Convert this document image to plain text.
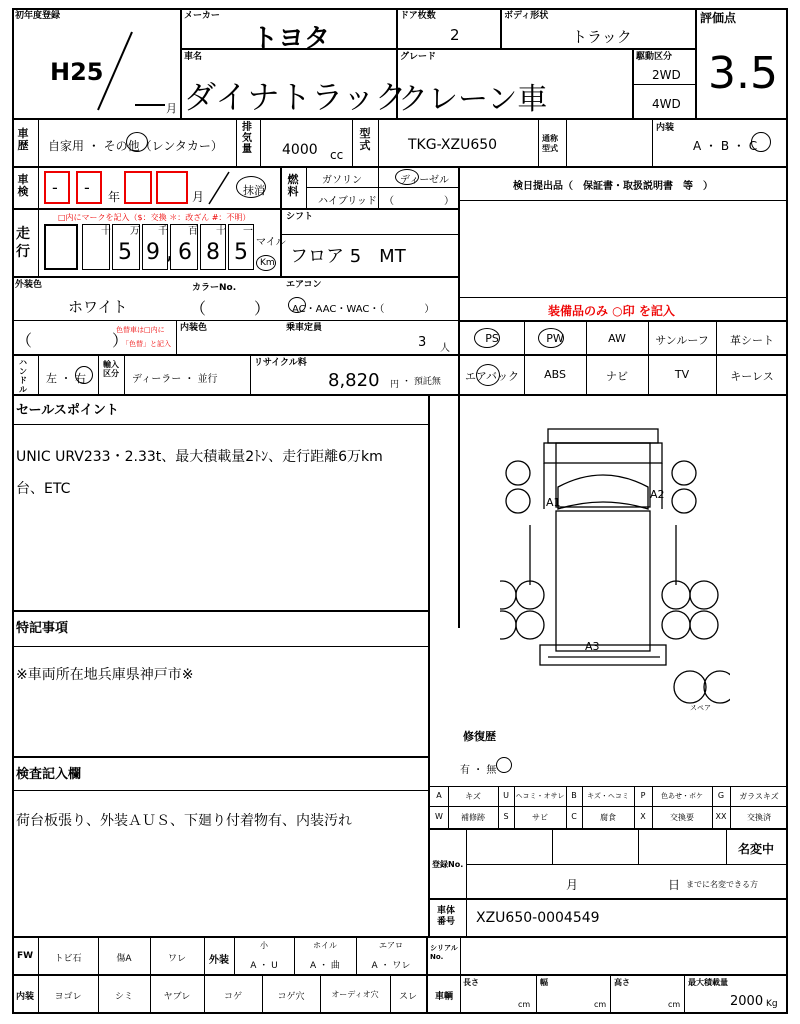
初年度登録
H25
月
メーカー
トヨタ
ドア枚数
2
ボディ形状
トラック
評価点
3.5
車名
ダイナトラック
グレード
クレーン車
駆動区分
2WD
4WD
車歴 自家用 ・ その他（レンタカー）
排気量 4000 cc
型式	TKG-XZU650	通称型式
内装
A ・ B ・ C
車検 - - 年	月	抹消
燃料
ガソリン	ディーゼル
ハイブリッド （　　　　　）
検日提出品（　保証書・取扱説明書　等　）
走行
□内にマークを記入（$：交換 ＊：改ざん #：不明）
十 万 千 百 十 一
5 9 , 6 8 5 マイル
Km
シフト
フロア 5　MT
外装色
ホワイト
カラーNo.
（　　　）
エアコン
AC・AAC・WAC・（　　　　）
（　　　　　）
色替車は□内に
「色替」と記入
内装色	乗車定員
3 人
ハンドル
左 ・ 右
輸入区分
ディーラー ・ 並行
リサイクル料
8,820 円 ・ 預託無
装備品のみ ○印 を記入
PS	PW	AW	サンルーフ	革シート
エアバック	ABS	ナビ	TV	キーレス
セールスポイント
UNIC URV233・2.33t、最大積載量2ﾄﾝ、走行距離6万km
台、ETC
特記事項
※車両所在地兵庫県神戸市※
検査記入欄
荷台板張り、外装ＡＵＳ、下廻り付着物有、内装汚れ
A1
A2
A3
スペア
修復歴
有 ・ 無
A	キズ	U ヘコミ・オサレ B	キズ・ヘコミ	P	色あせ・ボケ	G	ガラスキズ
W	補修跡	S	サビ	C	腐食	X	交換要	XX	交換済
登録No.
名変中
月	日 までに名変できる方
車体番号	XZU650-0004549
FW	トビ石	傷A	ワレ	外装
小
A ・ U
ホイル
A ・ 曲
エアロ
A ・ ワレ
シリアルNo.
内装	ヨゴレ	シミ	ヤブレ	コゲ	コゲ穴	オーディオ穴	スレ	車輌
長さ
cm
幅
cm
高さ
cm
最大積載量
2000 Kg
